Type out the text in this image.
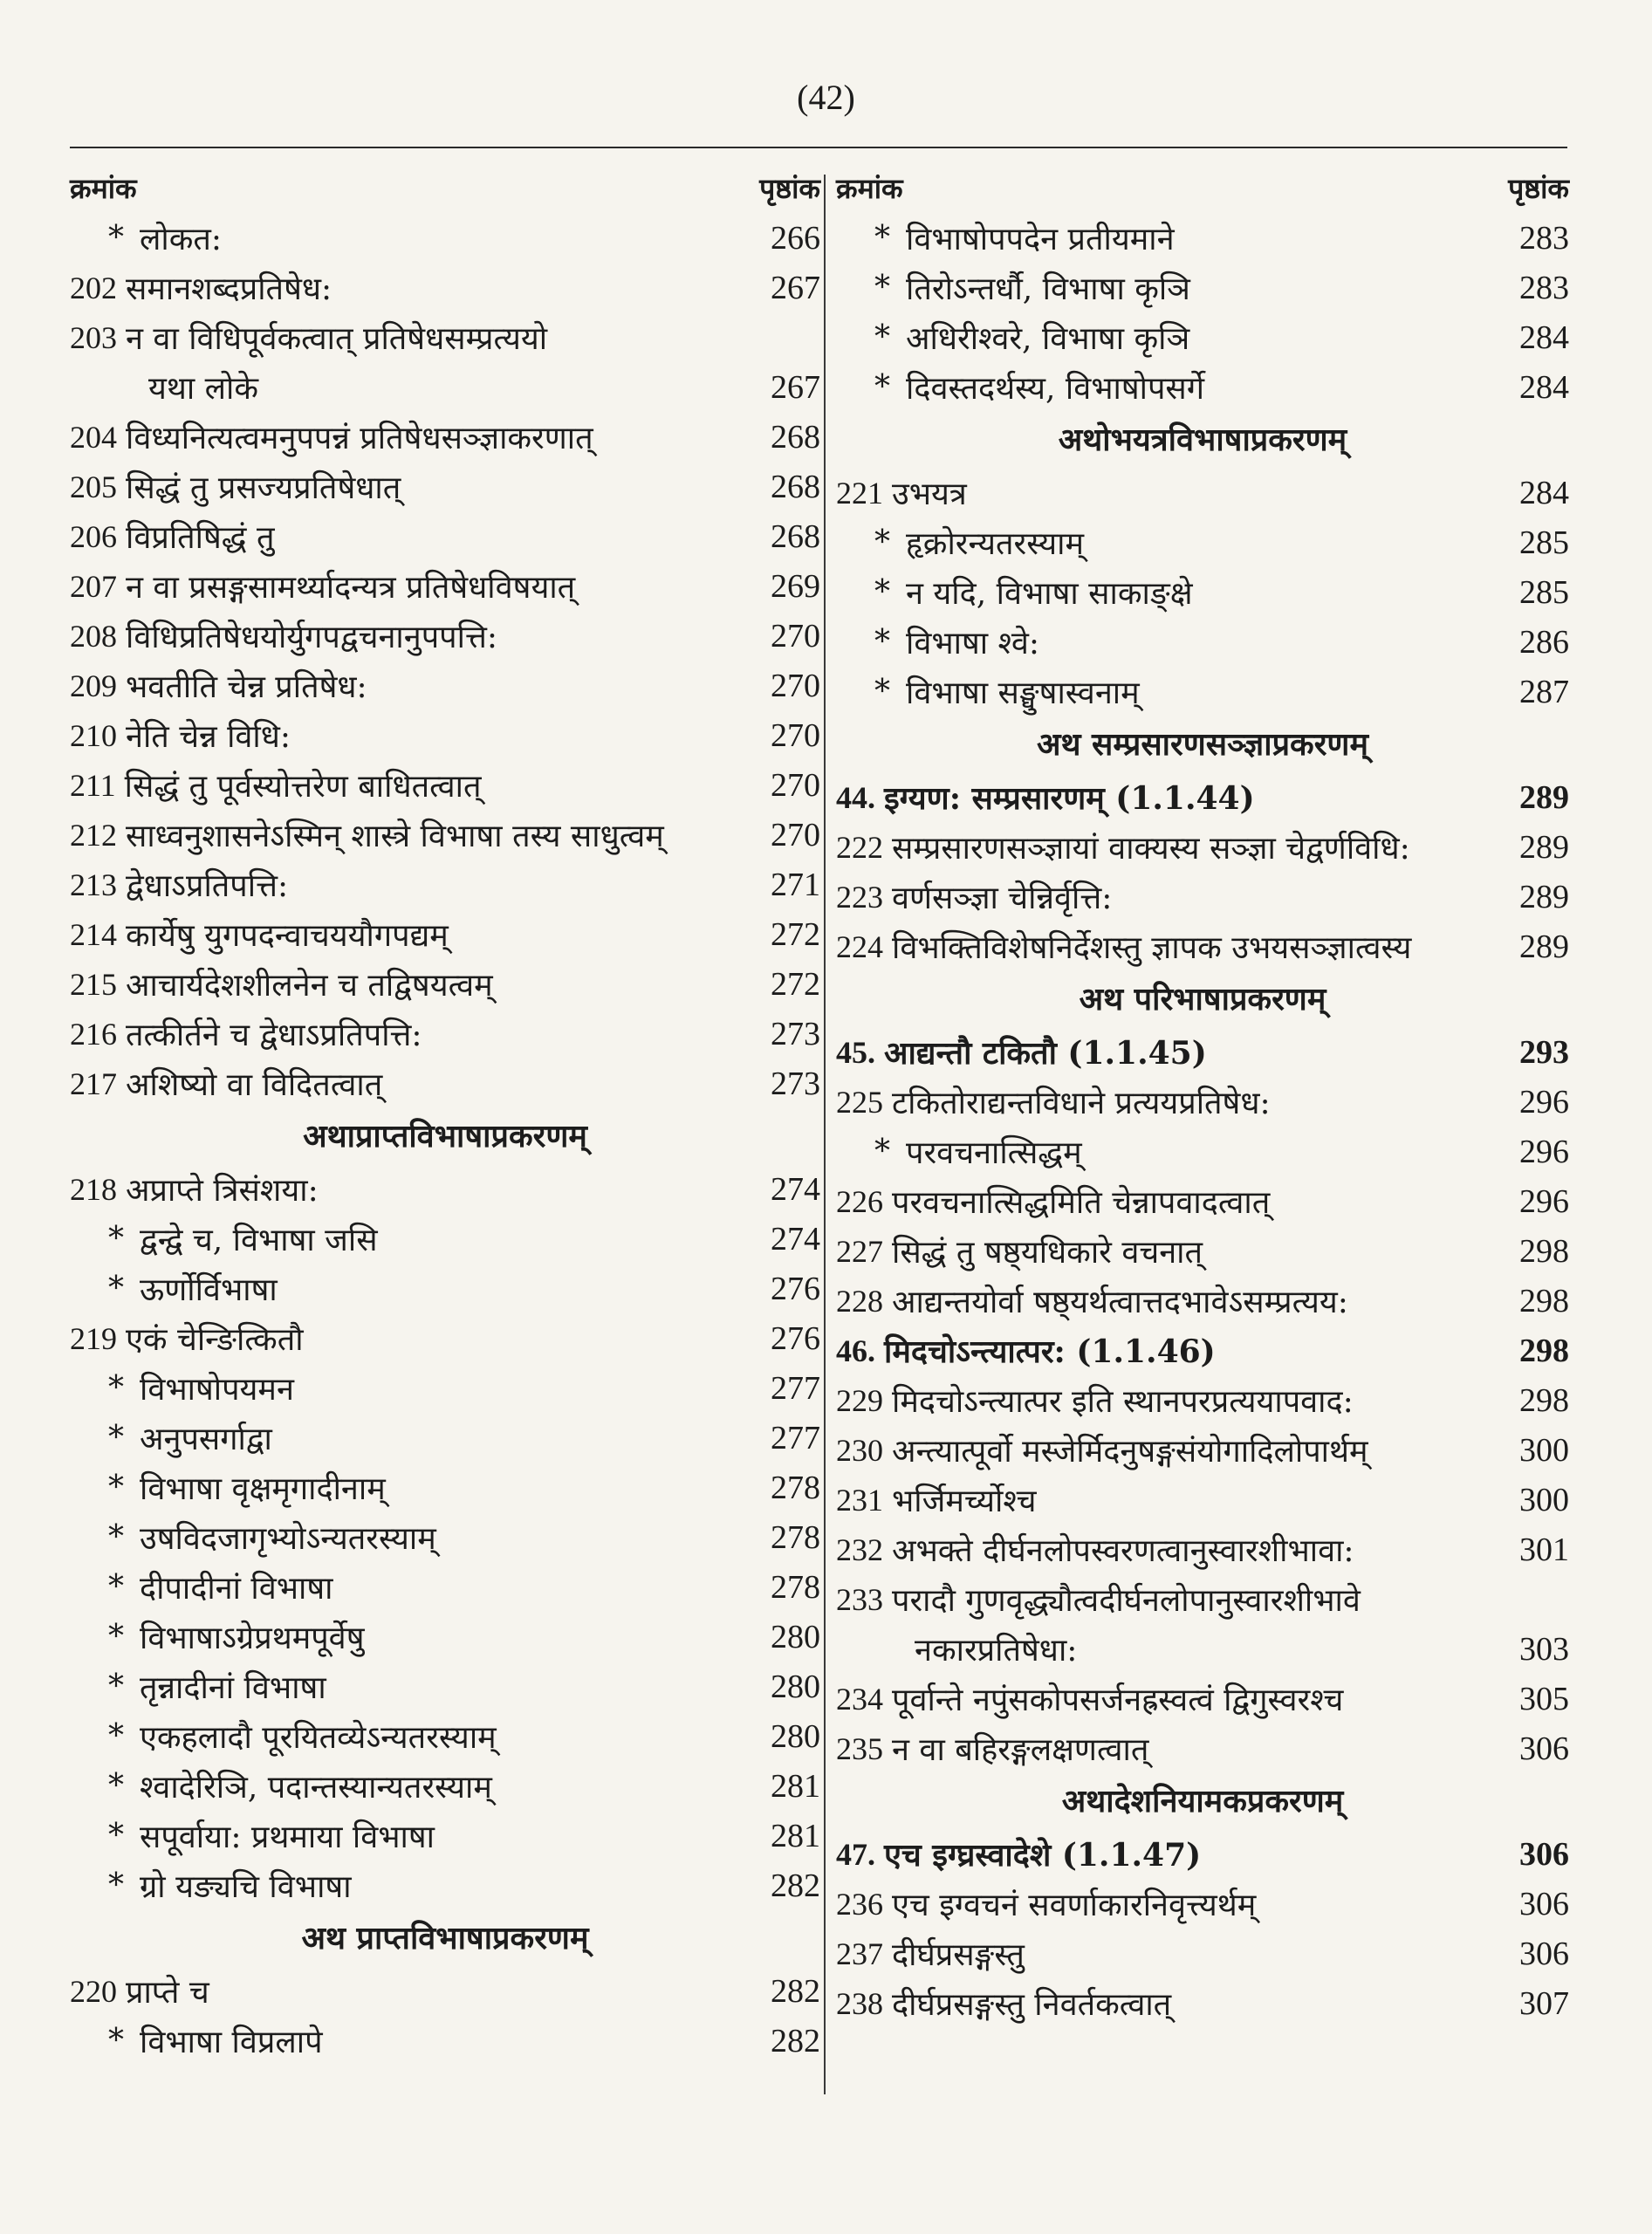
(42)
क्रमांक	पृष्ठांक
* लोकत:	266
202 समानशब्दप्रतिषेध:	267
203 न वा विधिपूर्वकत्वात् प्रतिषेधसम्प्रत्ययो
यथा लोके	267
204 विध्यनित्यत्वमनुपपन्नं प्रतिषेधसञ्ज्ञाकरणात्	268
205 सिद्धं तु प्रसज्यप्रतिषेधात्	268
206 विप्रतिषिद्धं तु	268
207 न वा प्रसङ्गसामर्थ्यादन्यत्र प्रतिषेधविषयात्	269
208 विधिप्रतिषेधयोर्युगपद्वचनानुपपत्ति:	270
209 भवतीति चेन्न प्रतिषेध:	270
210 नेति चेन्न विधि:	270
211 सिद्धं तु पूर्वस्योत्तरेण बाधितत्वात्	270
212 साध्वनुशासनेऽस्मिन् शास्त्रे विभाषा तस्य साधुत्वम्	270
213 द्वेधाऽप्रतिपत्ति:	271
214 कार्येषु युगपदन्वाचययौगपद्यम्	272
215 आचार्यदेशशीलनेन च तद्विषयत्वम्	272
216 तत्कीर्तने च द्वेधाऽप्रतिपत्ति:	273
217 अशिष्यो वा विदितत्वात्	273
अथाप्राप्तविभाषाप्रकरणम्
218 अप्राप्ते त्रिसंशया:	274
* द्वन्द्वे च, विभाषा जसि	274
* ऊर्णोर्विभाषा	276
219 एकं चेन्ङित्कितौ	276
* विभाषोपयमन	277
* अनुपसर्गाद्वा	277
* विभाषा वृक्षमृगादीनाम्	278
* उषविदजागृभ्योऽन्यतरस्याम्	278
* दीपादीनां विभाषा	278
* विभाषाऽग्रेप्रथमपूर्वेषु	280
* तृन्नादीनां विभाषा	280
* एकहलादौ पूरयितव्येऽन्यतरस्याम्	280
* श्वादेरिञि, पदान्तस्यान्यतरस्याम्	281
* सपूर्वाया: प्रथमाया विभाषा	281
* ग्रो यङ्यचि विभाषा	282
अथ प्राप्तविभाषाप्रकरणम्
220 प्राप्ते च	282
* विभाषा विप्रलापे	282
क्रमांक	पृष्ठांक
* विभाषोपपदेन प्रतीयमाने	283
* तिरोऽन्तर्धौ, विभाषा कृञि	283
* अधिरीश्वरे, विभाषा कृञि	284
* दिवस्तदर्थस्य, विभाषोपसर्गे	284
अथोभयत्रविभाषाप्रकरणम्
221 उभयत्र	284
* हृक्रोरन्यतरस्याम्	285
* न यदि, विभाषा साकाङ्क्षे	285
* विभाषा श्वे:	286
* विभाषा सङ्घुषास्वनाम्	287
अथ सम्प्रसारणसञ्ज्ञाप्रकरणम्
44. इग्यण: सम्प्रसारणम् (1.1.44)	289
222 सम्प्रसारणसञ्ज्ञायां वाक्यस्य सञ्ज्ञा चेद्वर्णविधि:	289
223 वर्णसञ्ज्ञा चेन्निर्वृत्ति:	289
224 विभक्तिविशेषनिर्देशस्तु ज्ञापक उभयसञ्ज्ञात्वस्य	289
अथ परिभाषाप्रकरणम्
45. आद्यन्तौ टकितौ (1.1.45)	293
225 टकितोराद्यन्तविधाने प्रत्ययप्रतिषेध:	296
* परवचनात्सिद्धम्	296
226 परवचनात्सिद्धमिति चेन्नापवादत्वात्	296
227 सिद्धं तु षष्ठ्यधिकारे वचनात्	298
228 आद्यन्तयोर्वा षष्ठ्यर्थत्वात्तदभावेऽसम्प्रत्यय:	298
46. मिदचोऽन्त्यात्पर: (1.1.46)	298
229 मिदचोऽन्त्यात्पर इति स्थानपरप्रत्ययापवाद:	298
230 अन्त्यात्पूर्वो मस्जेर्मिदनुषङ्गसंयोगादिलोपार्थम्	300
231 भर्जिमर्च्योश्च	300
232 अभक्ते दीर्घनलोपस्वरणत्वानुस्वारशीभावा:	301
233 परादौ गुणवृद्ध्यौत्वदीर्घनलोपानुस्वारशीभावे
नकारप्रतिषेधा:	303
234 पूर्वान्ते नपुंसकोपसर्जनह्रस्वत्वं द्विगुस्वरश्च	305
235 न वा बहिरङ्गलक्षणत्वात्	306
अथादेशनियामकप्रकरणम्
47. एच इग्घ्रस्वादेशे (1.1.47)	306
236 एच इग्वचनं सवर्णाकारनिवृत्त्यर्थम्	306
237 दीर्घप्रसङ्गस्तु	306
238 दीर्घप्रसङ्गस्तु निवर्तकत्वात्	307
